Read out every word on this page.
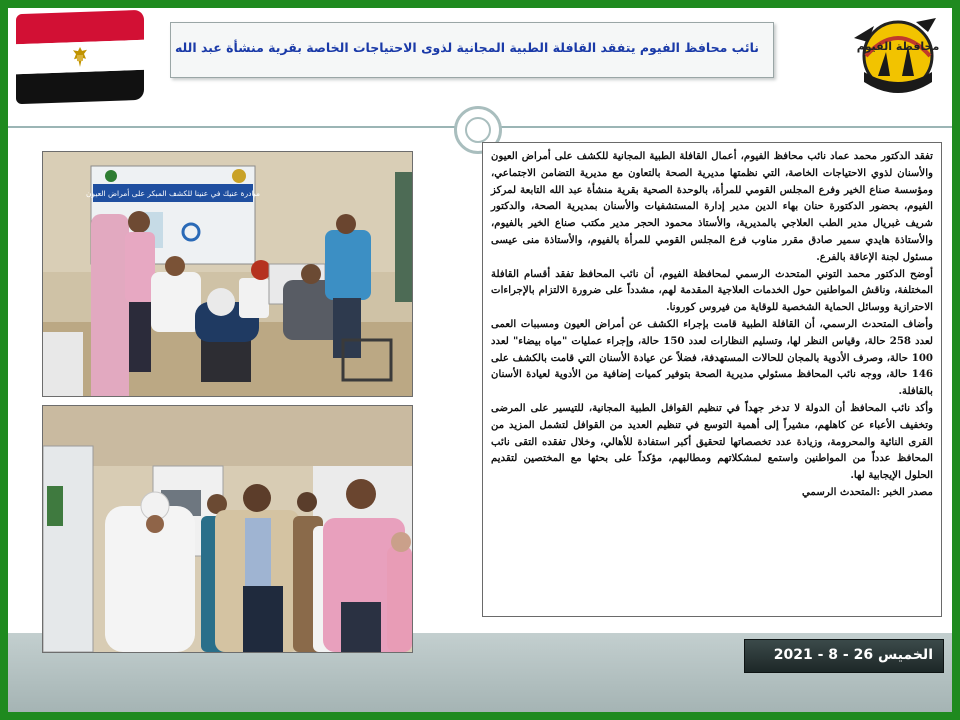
نائب محافظ الفيوم يتفقد القافلة الطبية المجانية لذوى الاحتياجات الخاصة بقرية منشأة عبد الله	محافظة الفيوم
مبادرة عنيك في عنينا للكشف المبكر على أمراض العيون

تفقد الدكتور محمد عماد نائب محافظ الفيوم، أعمال القافلة الطبية المجانية للكشف على أمراض العيون والأسنان لذوي الاحتياجات الخاصة، التي نظمتها مديرية الصحة بالتعاون مع مديرية التضامن الاجتماعي، ومؤسسة صناع الخير وفرع المجلس القومي للمرأة، بالوحدة الصحية بقرية منشأة عبد الله التابعة لمركز الفيوم، بحضور الدكتورة حنان بهاء الدين مدير إدارة المستشفيات والأسنان بمديرية الصحة، والدكتور شريف غبريال مدير الطب العلاجي بالمديرية، والأستاذ محمود الحجر مدير مكتب صناع الخير بالفيوم، والأستاذة هايدي سمير صادق مقرر مناوب فرع المجلس القومي للمرأة بالفيوم، والأستاذة منى عيسى مسئول لجنة الإعاقة بالفرع.

أوضح الدكتور محمد التوني المتحدث الرسمي لمحافظة الفيوم، أن نائب المحافظ تفقد أقسام القافلة المختلفة، وناقش المواطنين حول الخدمات العلاجية المقدمة لهم، مشدداً على ضرورة الالتزام بالإجراءات الاحترازية ووسائل الحماية الشخصية للوقاية من فيروس كورونا.

وأضاف المتحدث الرسمي، أن القافلة الطبية قامت بإجراء الكشف عن أمراض العيون ومسببات العمى لعدد 258 حالة، وقياس النظر لها، وتسليم النظارات لعدد 150 حالة، وإجراء عمليات "مياه بيضاء" لعدد 100 حالة، وصرف الأدوية بالمجان للحالات المستهدفة، فضلاً عن عيادة الأسنان التي قامت بالكشف على 146 حالة، ووجه نائب المحافظ مسئولي مديرية الصحة بتوفير كميات إضافية من الأدوية لعيادة الأسنان بالقافلة.

وأكد نائب المحافظ أن الدولة لا تدخر جهداً في تنظيم القوافل الطبية المجانية، للتيسير على المرضى وتخفيف الأعباء عن كاهلهم، مشيراً إلى أهمية التوسع في تنظيم العديد من القوافل لتشمل المزيد من القرى النائية والمحرومة، وزيادة عدد تخصصاتها لتحقيق أكبر استفادة للأهالي، وخلال تفقده التقى نائب المحافظ عدداً من المواطنين واستمع لمشكلاتهم ومطالبهم، مؤكداً على بحثها مع المختصين لتقديم الحلول الإيجابية لها.

مصدر الخبر :المتحدث الرسمي

الخميس 26 - 8 - 2021
